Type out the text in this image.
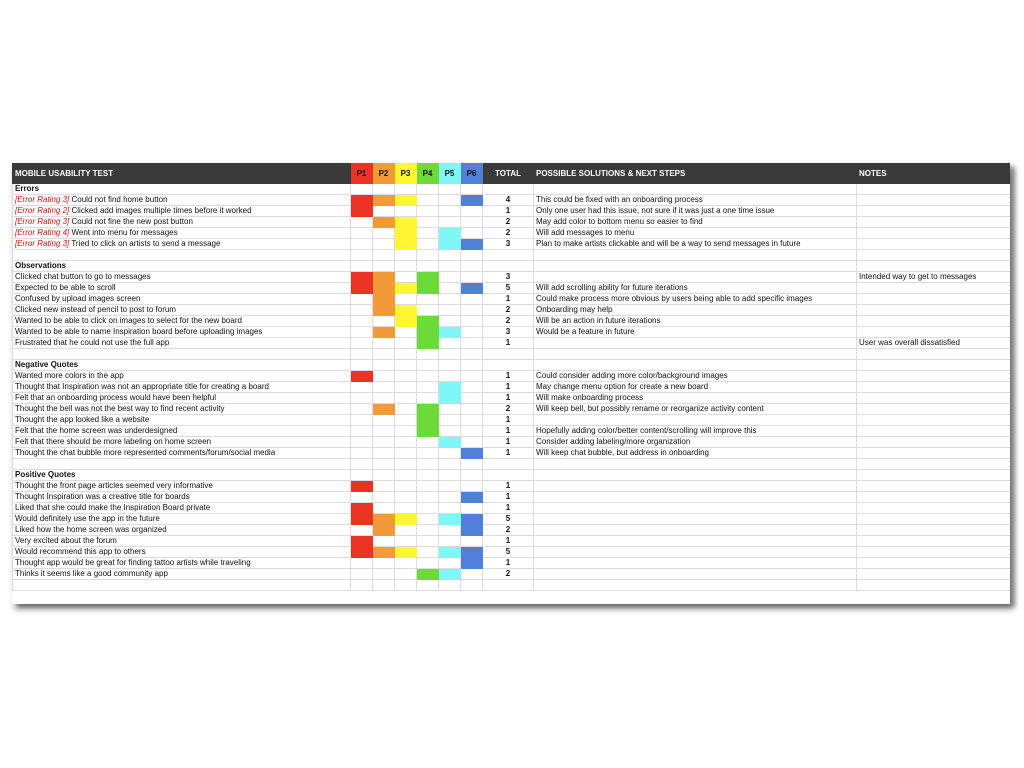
MOBILE USABILITY TEST	P1	P2	P3	P4	P5	P6	TOTAL	POSSIBLE SOLUTIONS & NEXT STEPS	NOTES
Errors									
[Error Rating 3] Could not find home button							4	This could be fixed with an onboarding process	
[Error Rating 2] Clicked add images multiple times before it worked							1	Only one user had this issue, not sure if it was just a one time issue	
[Error Rating 3] Could not fine the new post button							2	May add color to bottom menu so easier to find	
[Error Rating 4] Went into menu for messages							2	Will add messages to menu	
[Error Rating 3] Tried to click on artists to send a message							3	Plan to make artists clickable and will be a way to send messages in future	

Observations									
Clicked chat button to go to messages							3		Intended way to get to messages
Expected to be able to scroll							5	Will add scrolling ability for future iterations	
Confused by upload images screen							1	Could make process more obvious by users being able to add specific images	
Clicked new instead of pencil to post to forum							2	Onboarding may help	
Wanted to be able to click on images to select for the new board							2	Will be an action in future iterations	
Wanted to be able to name Inspiration board before uploading images							3	Would be a feature in future	
Frustrated that he could not use the full app							1		User was overall dissatisfied

Negative Quotes									
Wanted more colors in the app							1	Could consider adding more color/background images	
Thought that Inspiration was not an appropriate title for creating a board							1	May change menu option for create a new board	
Felt that an onboarding process would have been helpful							1	Will make onboarding process	
Thought the bell was not the best way to find recent activity							2	Will keep bell, but possibly rename or reorganize activity content	
Thought the app looked like a website							1		
Felt that the home screen was underdesigned							1	Hopefully adding color/better content/scrolling will improve this	
Felt that there should be more labeling on home screen							1	Consider adding labeling/more organization	
Thought the chat bubble more represented comments/forum/social media							1	Will keep chat bubble, but address in onboarding	

Positive Quotes									
Thought the front page articles seemed very informative							1		
Thought Inspiration was a creative title for boards							1		
Liked that she could make the Inspiration Board private							1		
Would definitely use the app in the future							5		
Liked how the home screen was organized							2		
Very excited about the forum							1		
Would recommend this app to others							5		
Thought app would be great for finding tattoo artists while traveling							1		
Thinks it seems like a good community app							2		
